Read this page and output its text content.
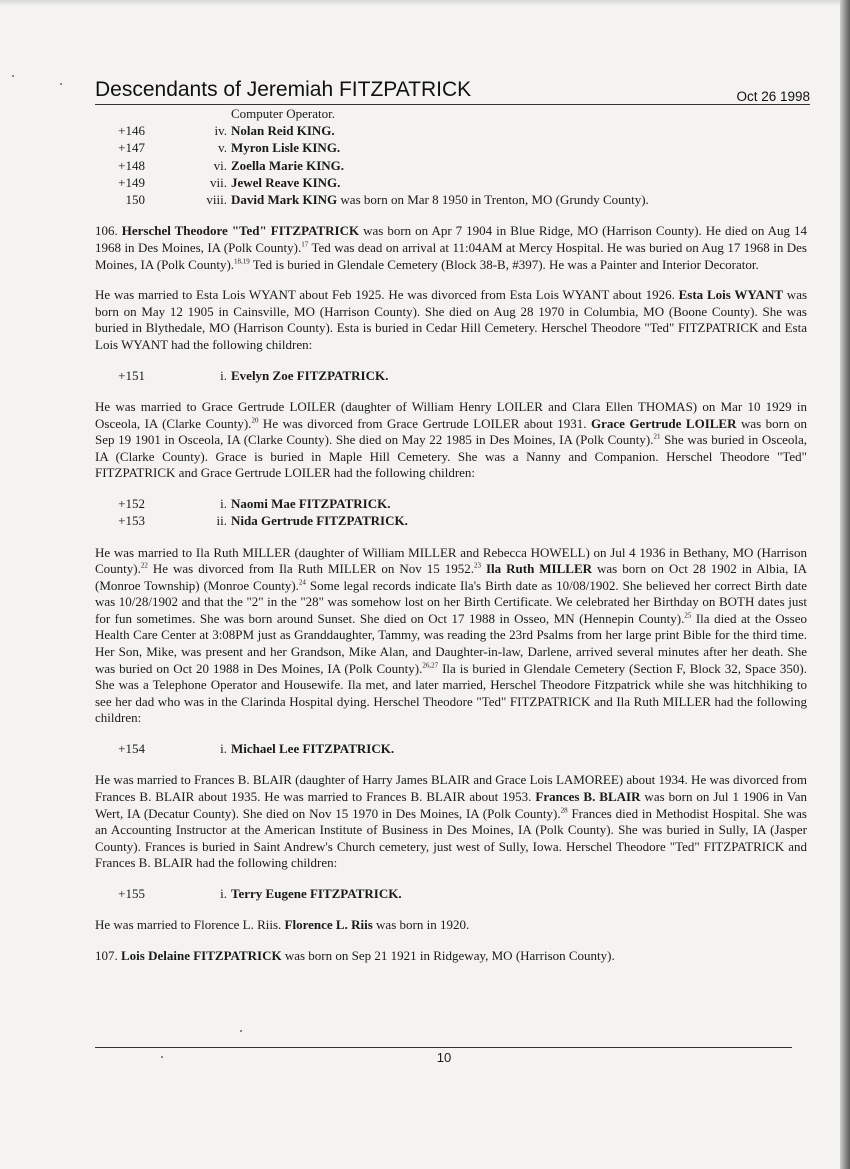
Descendants of Jeremiah FITZPATRICK	Oct 26 1998
Computer Operator.
+146	iv. Nolan Reid KING.
+147	v. Myron Lisle KING.
+148	vi. Zoella Marie KING.
+149	vii. Jewel Reave KING.
150	viii. David Mark KING was born on Mar 8 1950 in Trenton, MO (Grundy County).

106. Herschel Theodore "Ted" FITZPATRICK was born on Apr 7 1904 in Blue Ridge, MO (Harrison County). He died on Aug 14 1968 in Des Moines, IA (Polk County).$^{17}$ Ted was dead on arrival at 11:04AM at Mercy Hospital. He was buried on Aug 17 1968 in Des Moines, IA (Polk County).$^{18,19}$ Ted is buried in Glendale Cemetery (Block 38-B, #397). He was a Painter and Interior Decorator.

He was married to Esta Lois WYANT about Feb 1925. He was divorced from Esta Lois WYANT about 1926. Esta Lois WYANT was born on May 12 1905 in Cainsville, MO (Harrison County). She died on Aug 28 1970 in Columbia, MO (Boone County). She was buried in Blythedale, MO (Harrison County). Esta is buried in Cedar Hill Cemetery. Herschel Theodore "Ted" FITZPATRICK and Esta Lois WYANT had the following children:

+151	i. Evelyn Zoe FITZPATRICK.

He was married to Grace Gertrude LOILER (daughter of William Henry LOILER and Clara Ellen THOMAS) on Mar 10 1929 in Osceola, IA (Clarke County).$^{20}$ He was divorced from Grace Gertrude LOILER about 1931. Grace Gertrude LOILER was born on Sep 19 1901 in Osceola, IA (Clarke County). She died on May 22 1985 in Des Moines, IA (Polk County).$^{21}$ She was buried in Osceola, IA (Clarke County). Grace is buried in Maple Hill Cemetery. She was a Nanny and Companion. Herschel Theodore "Ted" FITZPATRICK and Grace Gertrude LOILER had the following children:

+152	i. Naomi Mae FITZPATRICK.
+153	ii. Nida Gertrude FITZPATRICK.

He was married to Ila Ruth MILLER (daughter of William MILLER and Rebecca HOWELL) on Jul 4 1936 in Bethany, MO (Harrison County).$^{22}$ He was divorced from Ila Ruth MILLER on Nov 15 1952.23 Ila Ruth MILLER was born on Oct 28 1902 in Albia, IA (Monroe Township) (Monroe County).$^{24}$ Some legal records indicate Ila's Birth date as 10/08/1902. She believed her correct Birth date was 10/28/1902 and that the "2" in the "28" was somehow lost on her Birth Certificate. We celebrated her Birthday on BOTH dates just for fun sometimes. She was born around Sunset. She died on Oct 17 1988 in Osseo, MN (Hennepin County).$^{25}$ Ila died at the Osseo Health Care Center at 3:08PM just as Granddaughter, Tammy, was reading the 23rd Psalms from her large print Bible for the third time. Her Son, Mike, was present and her Grandson, Mike Alan, and Daughter-in-law, Darlene, arrived several minutes after her death. She was buried on Oct 20 1988 in Des Moines, IA (Polk County).$^{26,27}$ Ila is buried in Glendale Cemetery (Section F, Block 32, Space 350). She was a Telephone Operator and Housewife. Ila met, and later married, Herschel Theodore Fitzpatrick while she was hitchhiking to see her dad who was in the Clarinda Hospital dying. Herschel Theodore "Ted" FITZPATRICK and Ila Ruth MILLER had the following children:

+154	i. Michael Lee FITZPATRICK.

He was married to Frances B. BLAIR (daughter of Harry James BLAIR and Grace Lois LAMOREE) about 1934. He was divorced from Frances B. BLAIR about 1935. He was married to Frances B. BLAIR about 1953. Frances B. BLAIR was born on Jul 1 1906 in Van Wert, IA (Decatur County). She died on Nov 15 1970 in Des Moines, IA (Polk County).$^{28}$ Frances died in Methodist Hospital. She was an Accounting Instructor at the American Institute of Business in Des Moines, IA (Polk County). She was buried in Sully, IA (Jasper County). Frances is buried in Saint Andrew's Church cemetery, just west of Sully, Iowa. Herschel Theodore "Ted" FITZPATRICK and Frances B. BLAIR had the following children:

+155	i. Terry Eugene FITZPATRICK.

He was married to Florence L. Riis. Florence L. Riis was born in 1920.

107. Lois Delaine FITZPATRICK was born on Sep 21 1921 in Ridgeway, MO (Harrison County).

10
